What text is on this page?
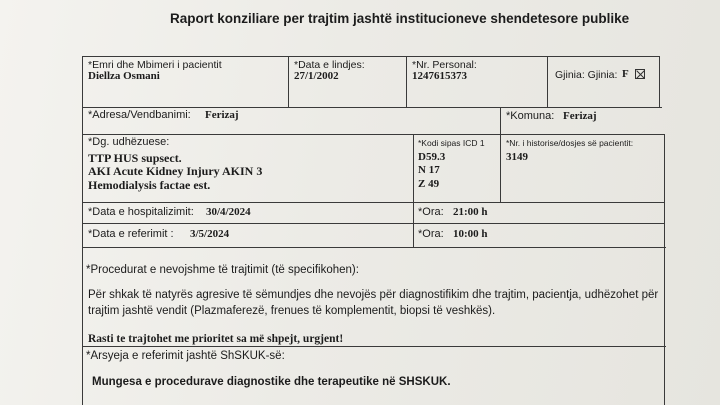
Raport konziliare per trajtim jashtë institucioneve shendetesore publike
*Emri dhe Mbimeri i pacientit
Diellza Osmani
*Data e lindjes:
27/1/2002
*Nr. Personal:
1247615373	Gjinia: Gjinia: F
*Adresa/Vendbanimi: Ferizaj	*Komuna: Ferizaj
*Dg. udhëzuese:
TTP HUS supsect.
AKI Acute Kidney Injury AKIN 3
Hemodialysis factae est.
*Kodi sipas ICD 1
D59.3
N 17
Z 49
*Nr. i historise/dosjes së pacientit:
3149
*Data e hospitalizimit: 30/4/2024	*Ora: 21:00 h
*Data e referimit : 3/5/2024	*Ora: 10:00 h
*Procedurat e nevojshme të trajtimit (të specifikohen):
Për shkak të natyrës agresive të sëmundjes dhe nevojës për diagnostifikim dhe trajtim, pacientja, udhëzohet për
trajtim jashtë vendit (Plazmaferezë, frenues të komplementit, biopsi të veshkës).
Rasti te trajtohet me prioritet sa më shpejt, urgjent!
*Arsyeja e referimit jashtë ShSKUK-së:
Mungesa e procedurave diagnostike dhe terapeutike në SHSKUK.
